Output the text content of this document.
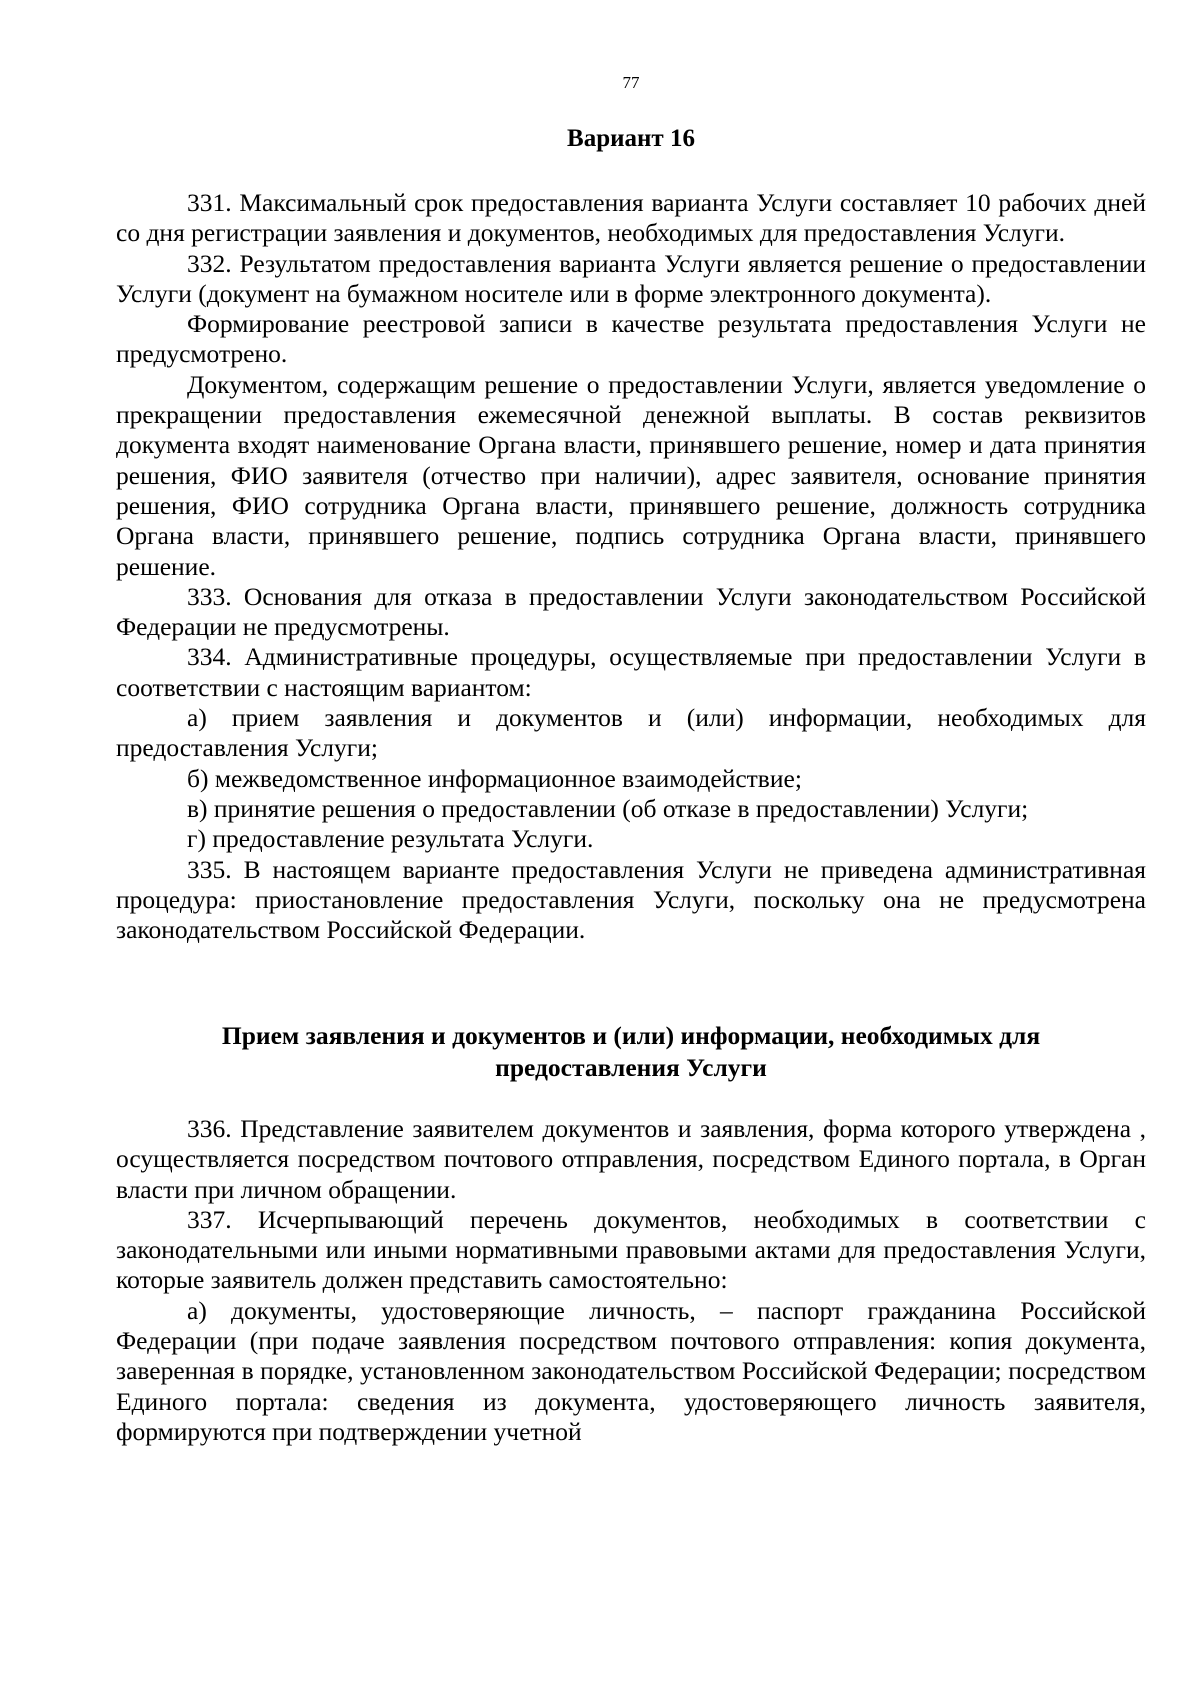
77
Вариант 16

331. Максимальный срок предоставления варианта Услуги составляет 10 рабочих дней со дня регистрации заявления и документов, необходимых для предоставления Услуги.

332. Результатом предоставления варианта Услуги является решение о предоставлении Услуги (документ на бумажном носителе или в форме электронного документа).

Формирование реестровой записи в качестве результата предоставления Услуги не предусмотрено.

Документом, содержащим решение о предоставлении Услуги, является уведомление о прекращении предоставления ежемесячной денежной выплаты. В состав реквизитов документа входят наименование Органа власти, принявшего решение, номер и дата принятия решения, ФИО заявителя (отчество при наличии), адрес заявителя, основание принятия решения, ФИО сотрудника Органа власти, принявшего решение, должность сотрудника Органа власти, принявшего решение, подпись сотрудника Органа власти, принявшего решение.

333. Основания для отказа в предоставлении Услуги законодательством Российской Федерации не предусмотрены.

334. Административные процедуры, осуществляемые при предоставлении Услуги в соответствии с настоящим вариантом:

а) прием заявления и документов и (или) информации, необходимых для предоставления Услуги;

б) межведомственное информационное взаимодействие;

в) принятие решения о предоставлении (об отказе в предоставлении) Услуги;

г) предоставление результата Услуги.

335. В настоящем варианте предоставления Услуги не приведена административная процедура: приостановление предоставления Услуги, поскольку она не предусмотрена законодательством Российской Федерации.

Прием заявления и документов и (или) информации, необходимых для
предоставления Услуги

336. Представление заявителем документов и заявления, форма которого утверждена , осуществляется посредством почтового отправления, посредством Единого портала, в Орган власти при личном обращении.

337. Исчерпывающий перечень документов, необходимых в соответствии с законодательными или иными нормативными правовыми актами для предоставления Услуги, которые заявитель должен представить самостоятельно:

а) документы, удостоверяющие личность, – паспорт гражданина Российской Федерации (при подаче заявления посредством почтового отправления: копия документа, заверенная в порядке, установленном законодательством Российской Федерации; посредством Единого портала: сведения из документа, удостоверяющего личность заявителя, формируются при подтверждении учетной
